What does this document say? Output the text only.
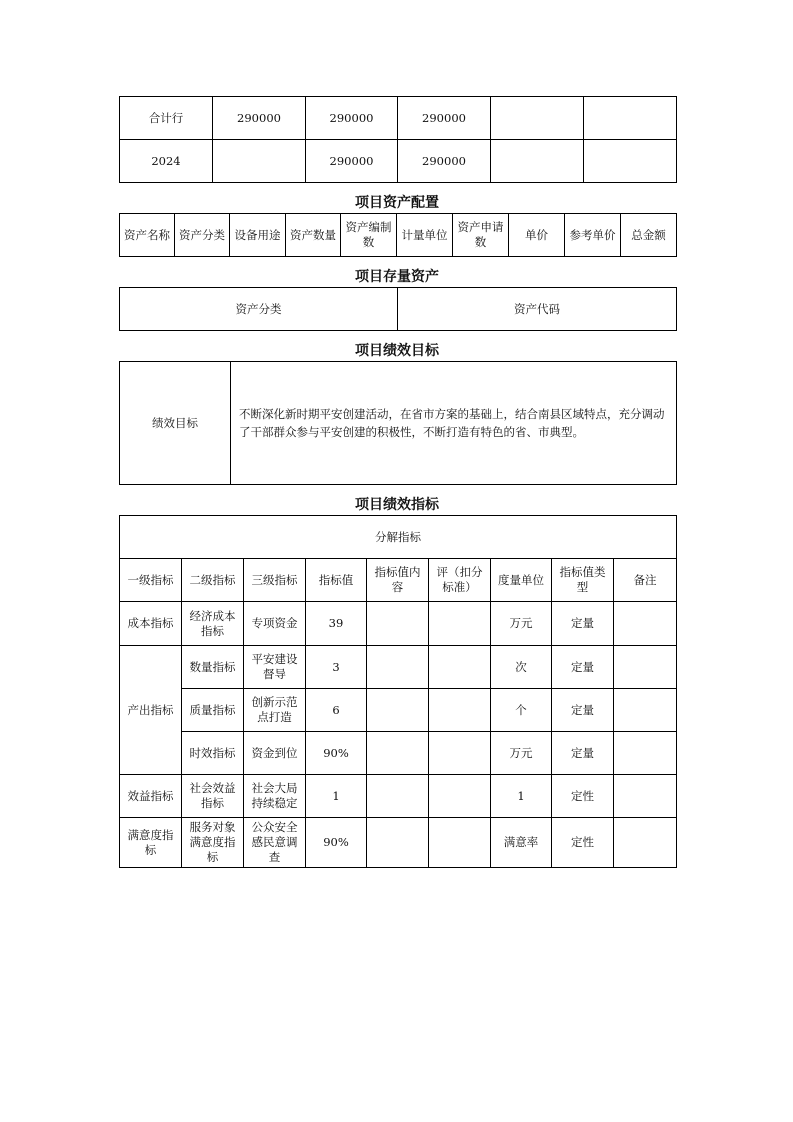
合计行	290000	290000	290000		
2024		290000	290000		
项目资产配置
资产名称	资产分类	设备用途	资产数量	资产编制数	计量单位	资产申请数	单价	参考单价	总金额
项目存量资产
资产分类	资产代码
项目绩效目标
绩效目标	不断深化新时期平安创建活动，在省市方案的基础上，结合南县区域特点，充分调动了干部群众参与平安创建的积极性，不断打造有特色的省、市典型。
项目绩效指标
分解指标								
一级指标	二级指标	三级指标	指标值	指标值内容	评（扣分标准）	度量单位	指标值类型	备注
成本指标	经济成本指标	专项资金	39			万元	定量	
产出指标	数量指标	平安建设督导	3			次	定量	
	质量指标	创新示范点打造	6			个	定量	
	时效指标	资金到位	90%			万元	定量	
效益指标	社会效益指标	社会大局持续稳定	1			1	定性	
满意度指标	服务对象满意度指标	公众安全感民意调查	90%			满意率	定性	
